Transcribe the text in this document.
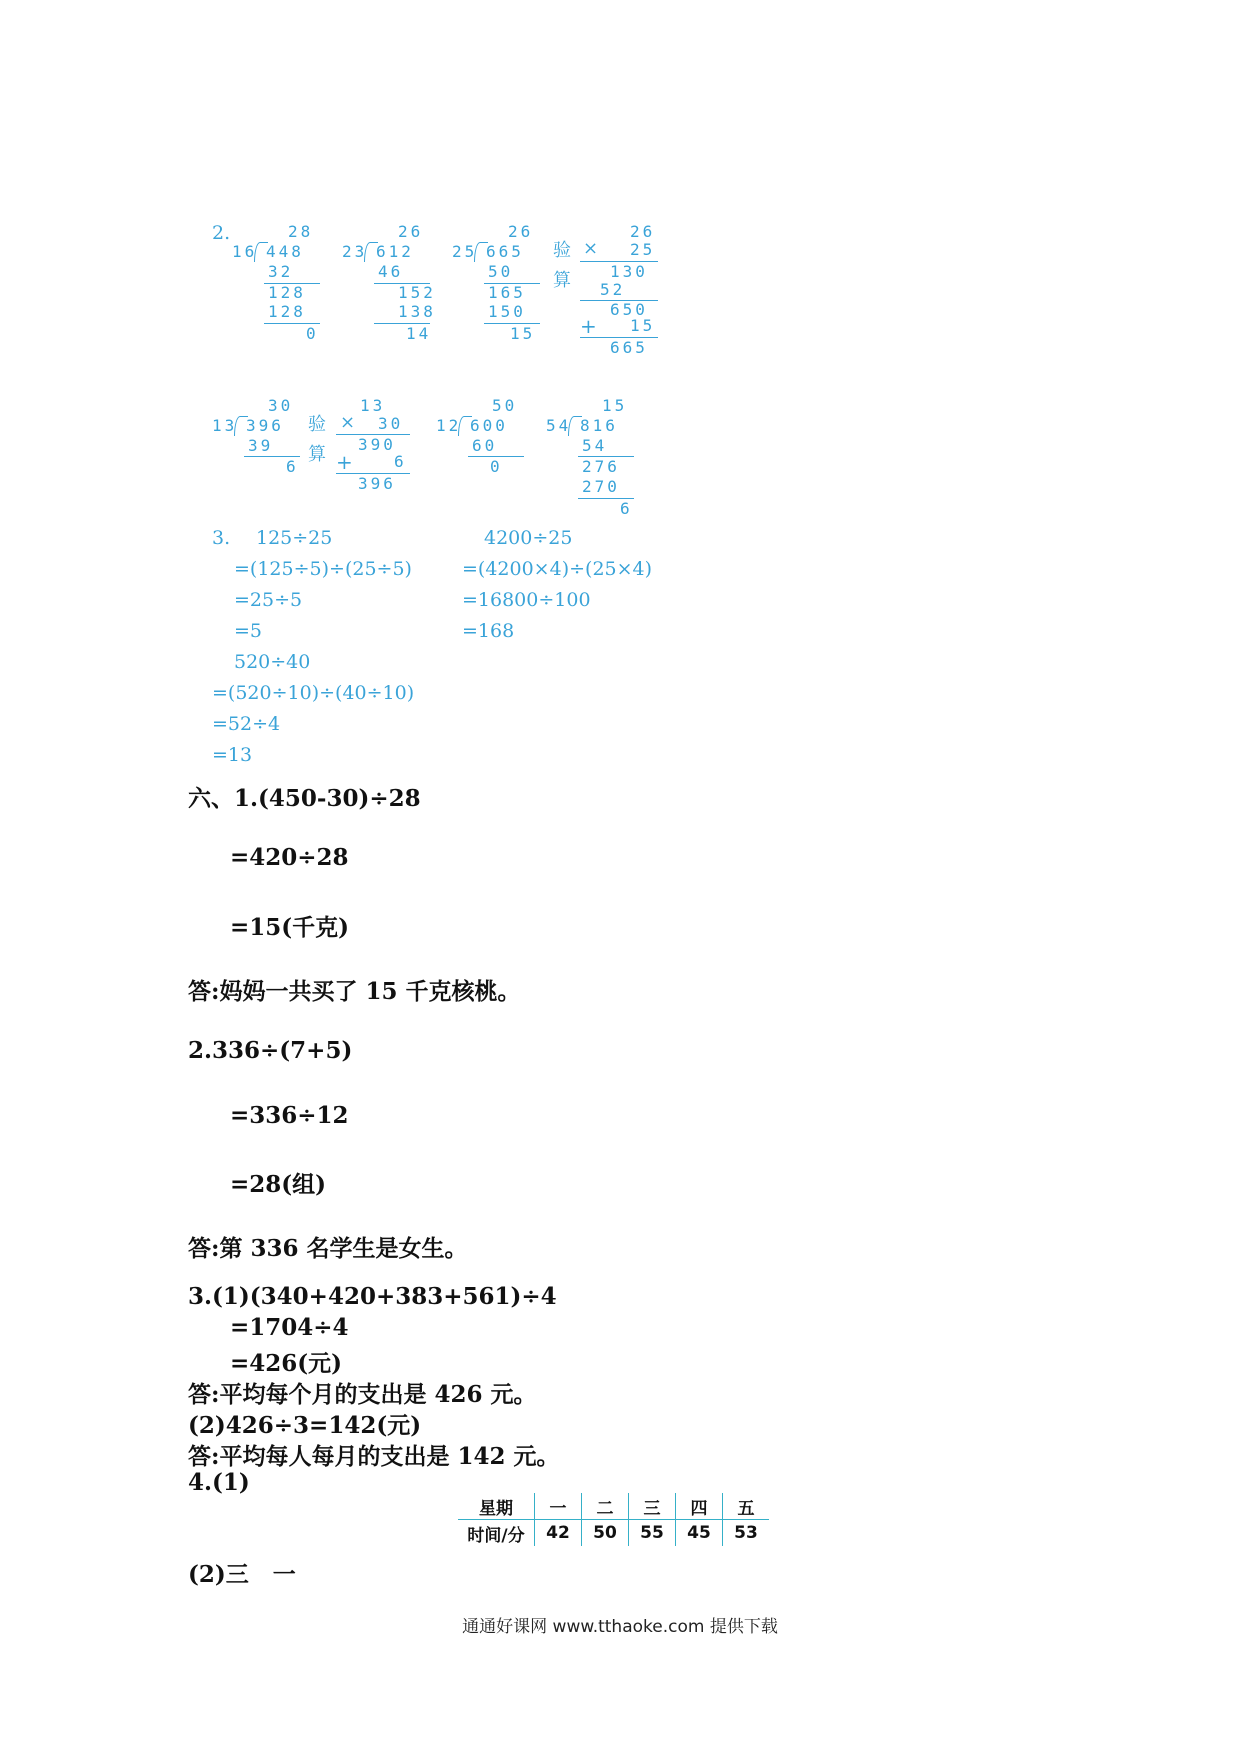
2.	28
16 448
32
128
128
0
26
23 612
46
152
138
14
26
25 665
50
165
150
15
验
算
26
× 25
130
52
650
+ 15
665
30
13 396
39
6
验
算
13
× 30
390
+	6
396
50
12 600
60
0
15
54 816
54
276
270
6
3. 125÷25
=(125÷5)÷(25÷5)
=25÷5
=5
4200÷25
=(4200×4)÷(25×4)
=16800÷100
=168
520÷40
=(520÷10)÷(40÷10)
=52÷4
=13
六、1.(450-30)÷28
=420÷28
=15(千克)
答:妈妈一共买了 15 千克核桃。
2.336÷(7+5)
=336÷12
=28(组)
答:第 336 名学生是女生。
3.(1)(340+420+383+561)÷4
=1704÷4
=426(元)
答:平均每个月的支出是 426 元。
(2)426÷3=142(元)
答:平均每人每月的支出是 142 元。
4.(1)
星期	一	二	三	四	五
时间/分	42	50	55	45	53
(2)三   一
通通好课网 www.tthaoke.com 提供下载
